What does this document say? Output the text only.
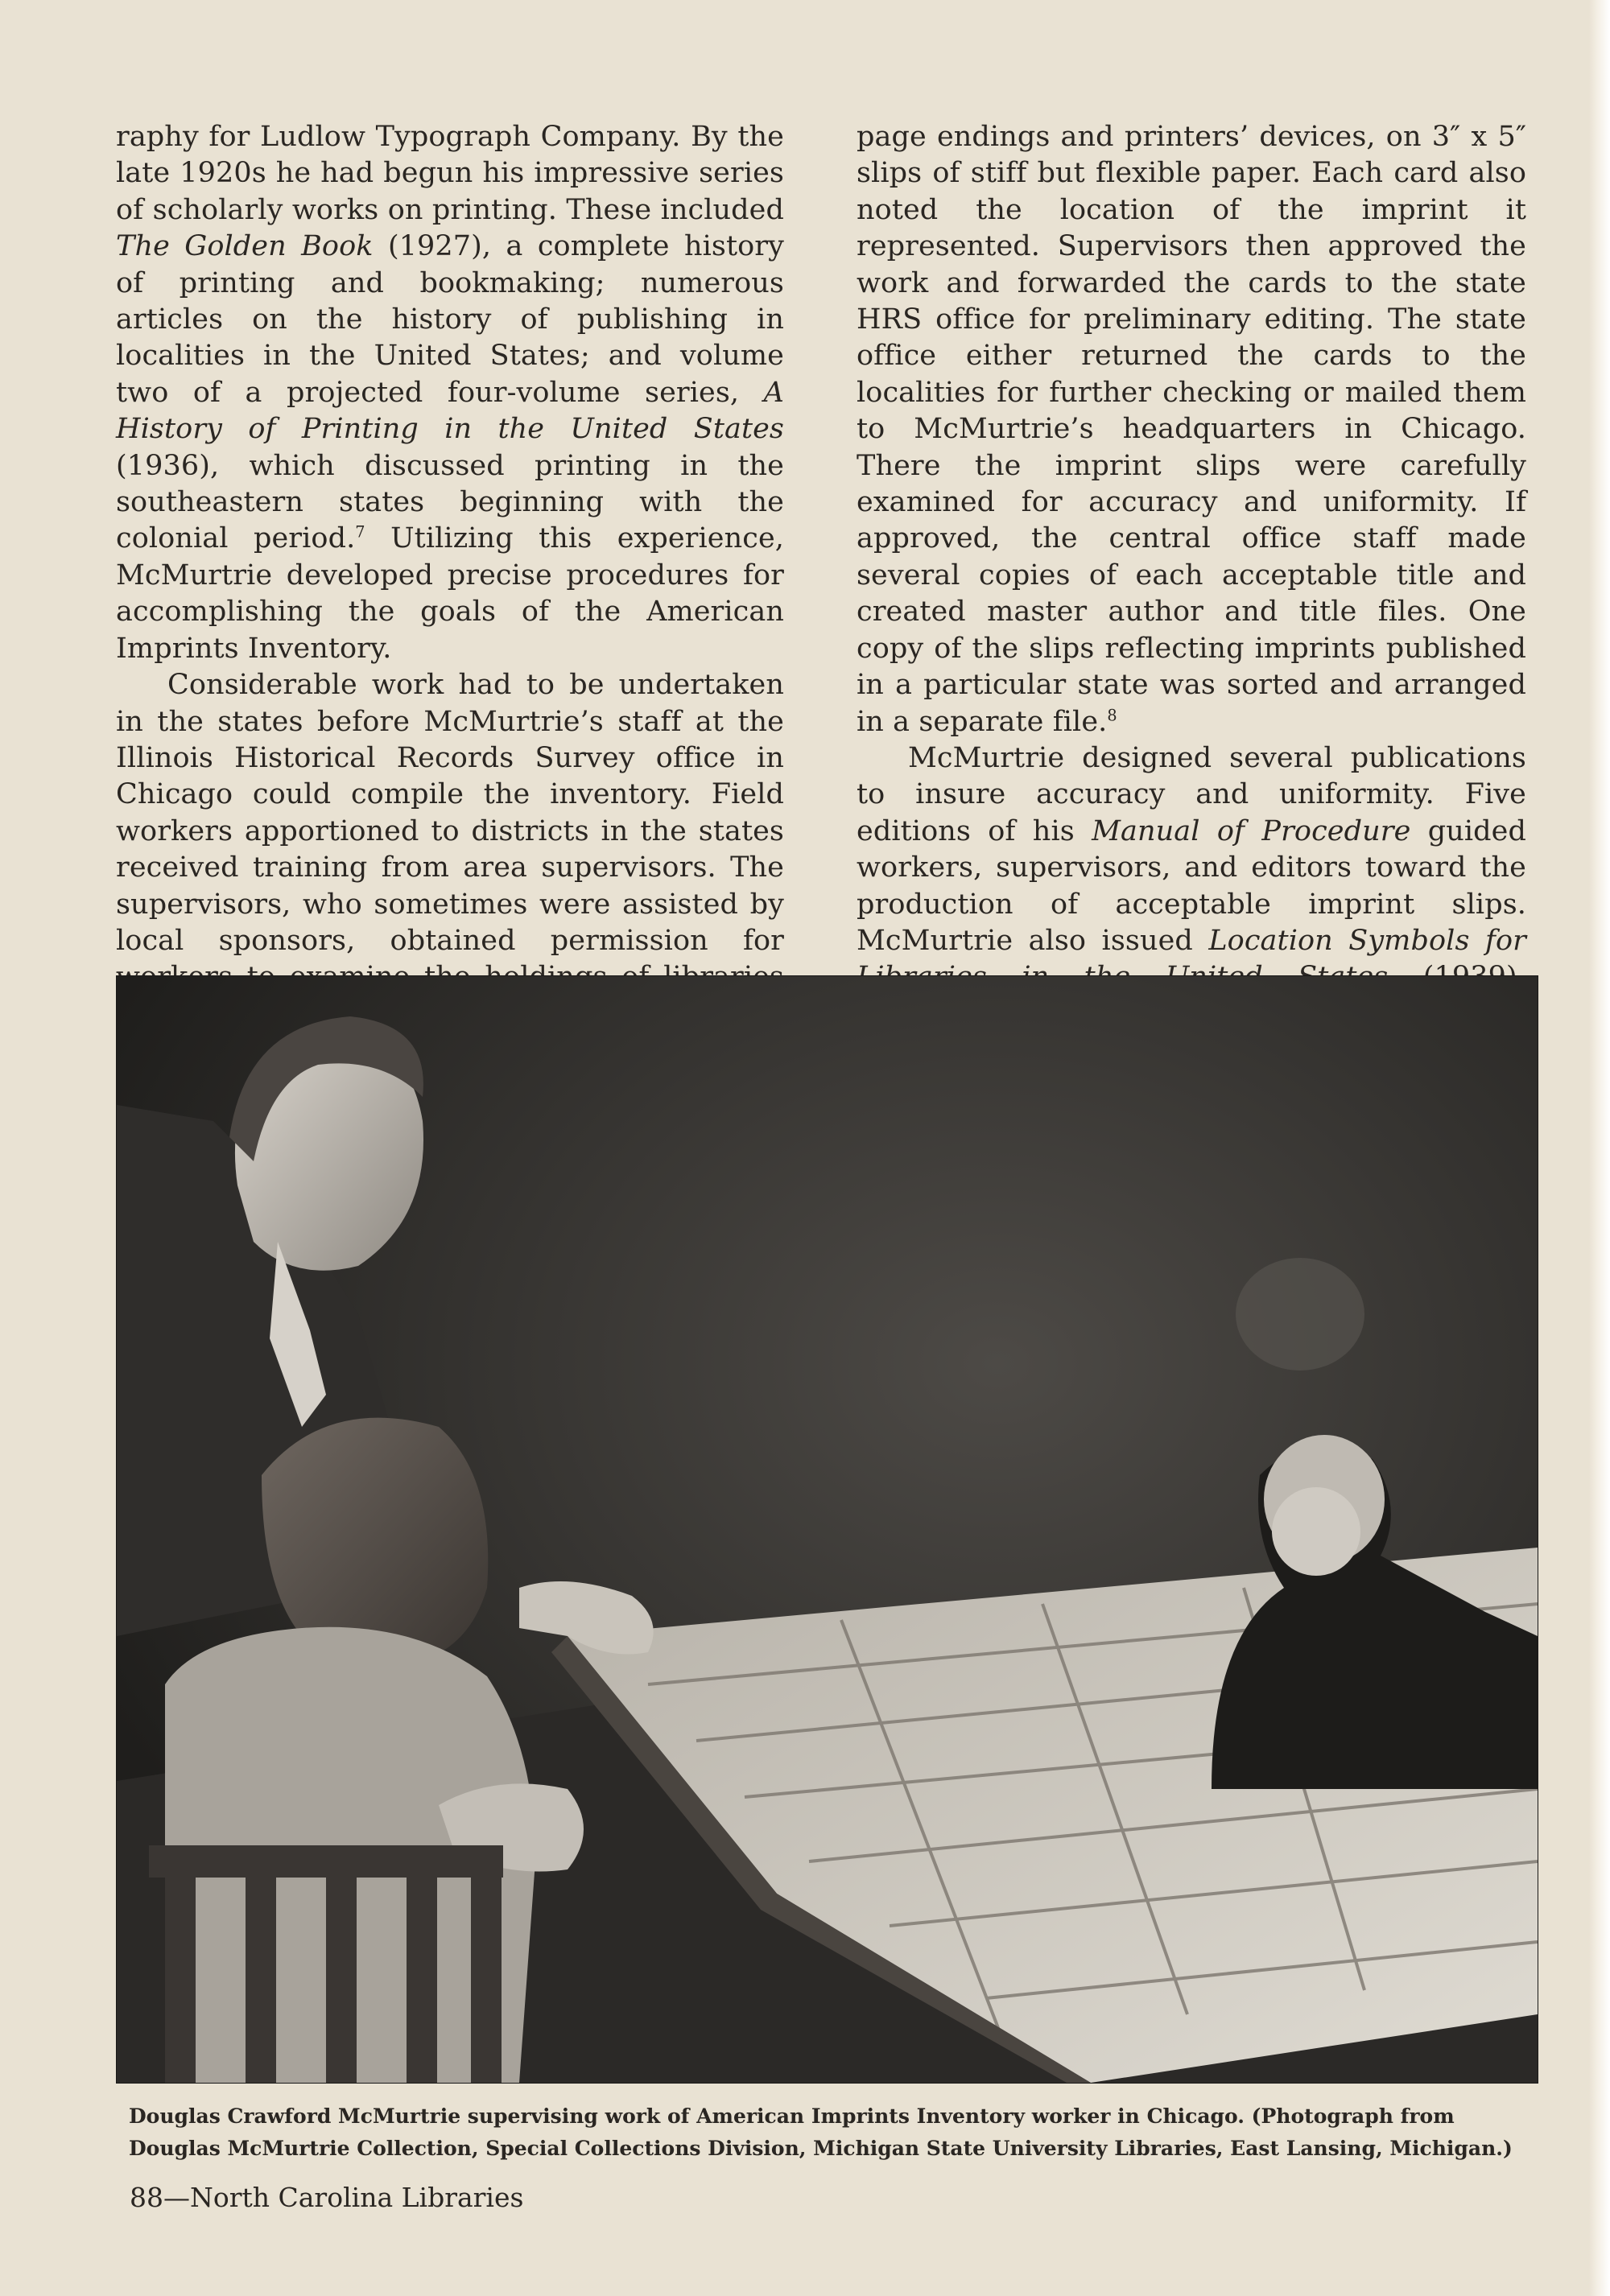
raphy for Ludlow Typograph Company. By the late 1920s he had begun his impressive series of scholarly works on printing. These included The Golden Book (1927), a complete history of printing and bookmaking; numerous articles on the history of publishing in localities in the United States; and volume two of a projected four-volume series, A History of Printing in the United States (1936), which discussed printing in the southeastern states beginning with the colonial period.$^7$ Utilizing this experience, McMurtrie developed precise procedures for accomplishing the goals of the American Imprints Inventory.

Considerable work had to be undertaken in the states before McMurtrie’s staff at the Illinois Historical Records Survey office in Chicago could compile the inventory. Field workers apportioned to districts in the states received training from area supervisors. The supervisors, who sometimes were assisted by local sponsors, obtained permission for

page endings and printers’ devices, on 3″ x 5″ slips of stiff but flexible paper. Each card also noted the location of the imprint it represented. Supervisors then approved the work and forwarded the cards to the state HRS office for preliminary editing. The state office either returned the cards to the localities for further checking or mailed them to McMurtrie’s headquarters in Chicago. There the imprint slips were carefully examined for accuracy and uniformity. If approved, the central office staff made several copies of each acceptable title and created master author and title files. One copy of the slips reflecting imprints published in a particular state was sorted and arranged in a separate file.$^8$

McMurtrie designed several publications to insure accuracy and uniformity. Five editions of his Manual of Procedure guided workers, supervisors, and editors toward the production of acceptable imprint slips. McMurtrie also issued Location Symbols for

Douglas Crawford McMurtrie supervising work of American Imprints Inventory worker in Chicago. (Photograph from Douglas McMurtrie Collection, Special Collections Division, Michigan State University Libraries, East Lansing, Michigan.)
88—North Carolina Libraries
